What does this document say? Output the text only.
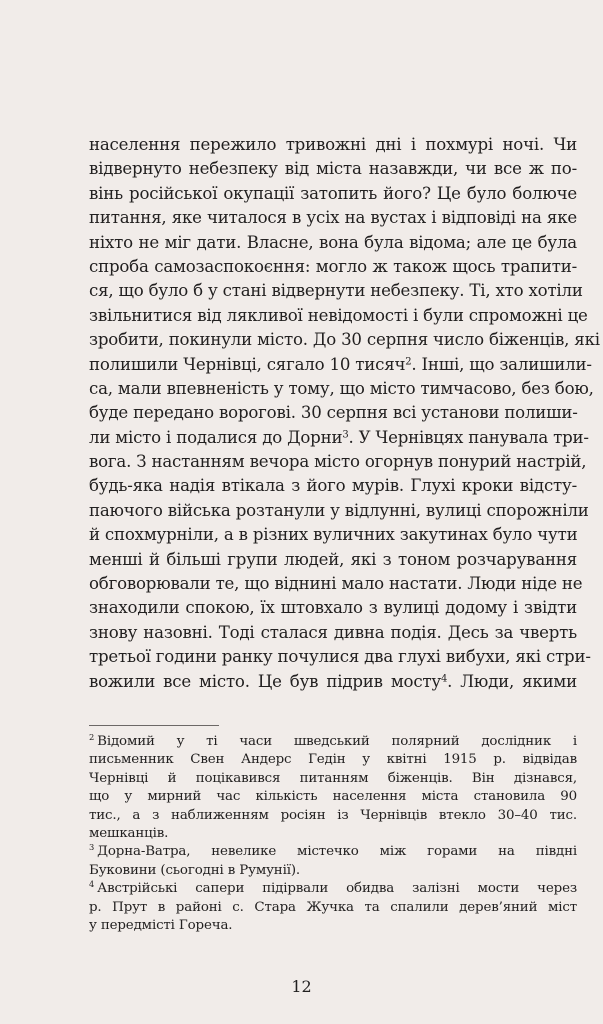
населення пережило тривожні дні і похмурі ночі. Чи
відвернуто небезпеку від міста назавжди, чи все ж по-
вінь російської окупації затопить його? Це було болюче
питання, яке читалося в усіх на вустах і відповіді на яке
ніхто не міг дати. Власне, вона була відома; але це була
спроба самозаспокоєння: могло ж також щось трапити-
ся, що було б у стані відвернути небезпеку. Ті, хто хотіли
звільнитися від лякливої невідомості і були спроможні це
зробити, покинули місто. До 30 серпня число біженців, які
полишили Чернівці, сягало 10 тисяч$^2$. Інші, що залишили-
са, мали впевненість у тому, що місто тимчасово, без бою,
буде передано ворогові. 30 серпня всі установи полиши-
ли місто і подалися до Дорни$^3$. У Чернівцях панувала три-
вога. З настанням вечора місто огорнув понурий настрій,
будь-яка надія втікала з його мурів. Глухі кроки відсту-
паючого війська розтанули у відлунні, вулиці спорожніли
й спохмурніли, а в різних вуличних закутинах було чути
менші й більші групи людей, які з тоном розчарування
обговорювали те, що віднині мало настати. Люди ніде не
знаходили спокою, їх штовхало з вулиці додому і звідти
знову назовні. Тоді сталася дивна подія. Десь за чверть
третьої години ранку почулися два глухі вибухи, які стри-
вожили все місто. Це був підрив мосту$^4$. Люди, якими
$^2$ Відомий у ті часи шведський полярний дослідник і
письменник Свен Андерс Гедін у квітні 1915 р. відвідав
Чернівці й поцікавився питанням біженців. Він дізнався,
що у мирний час кількість населення міста становила 90
тис., а з наближенням росіян із Чернівців втекло 30–40 тис.
мешканців.
$^3$ Дорна-Ватра, невелике містечко між горами на півдні
Буковини (сьогодні в Румунії).
$^4$ Австрійські сапери підірвали обидва залізні мости через
р. Прут в районі с. Стара Жучка та спалили дерев’яний міст
у передмісті Гореча.
12
